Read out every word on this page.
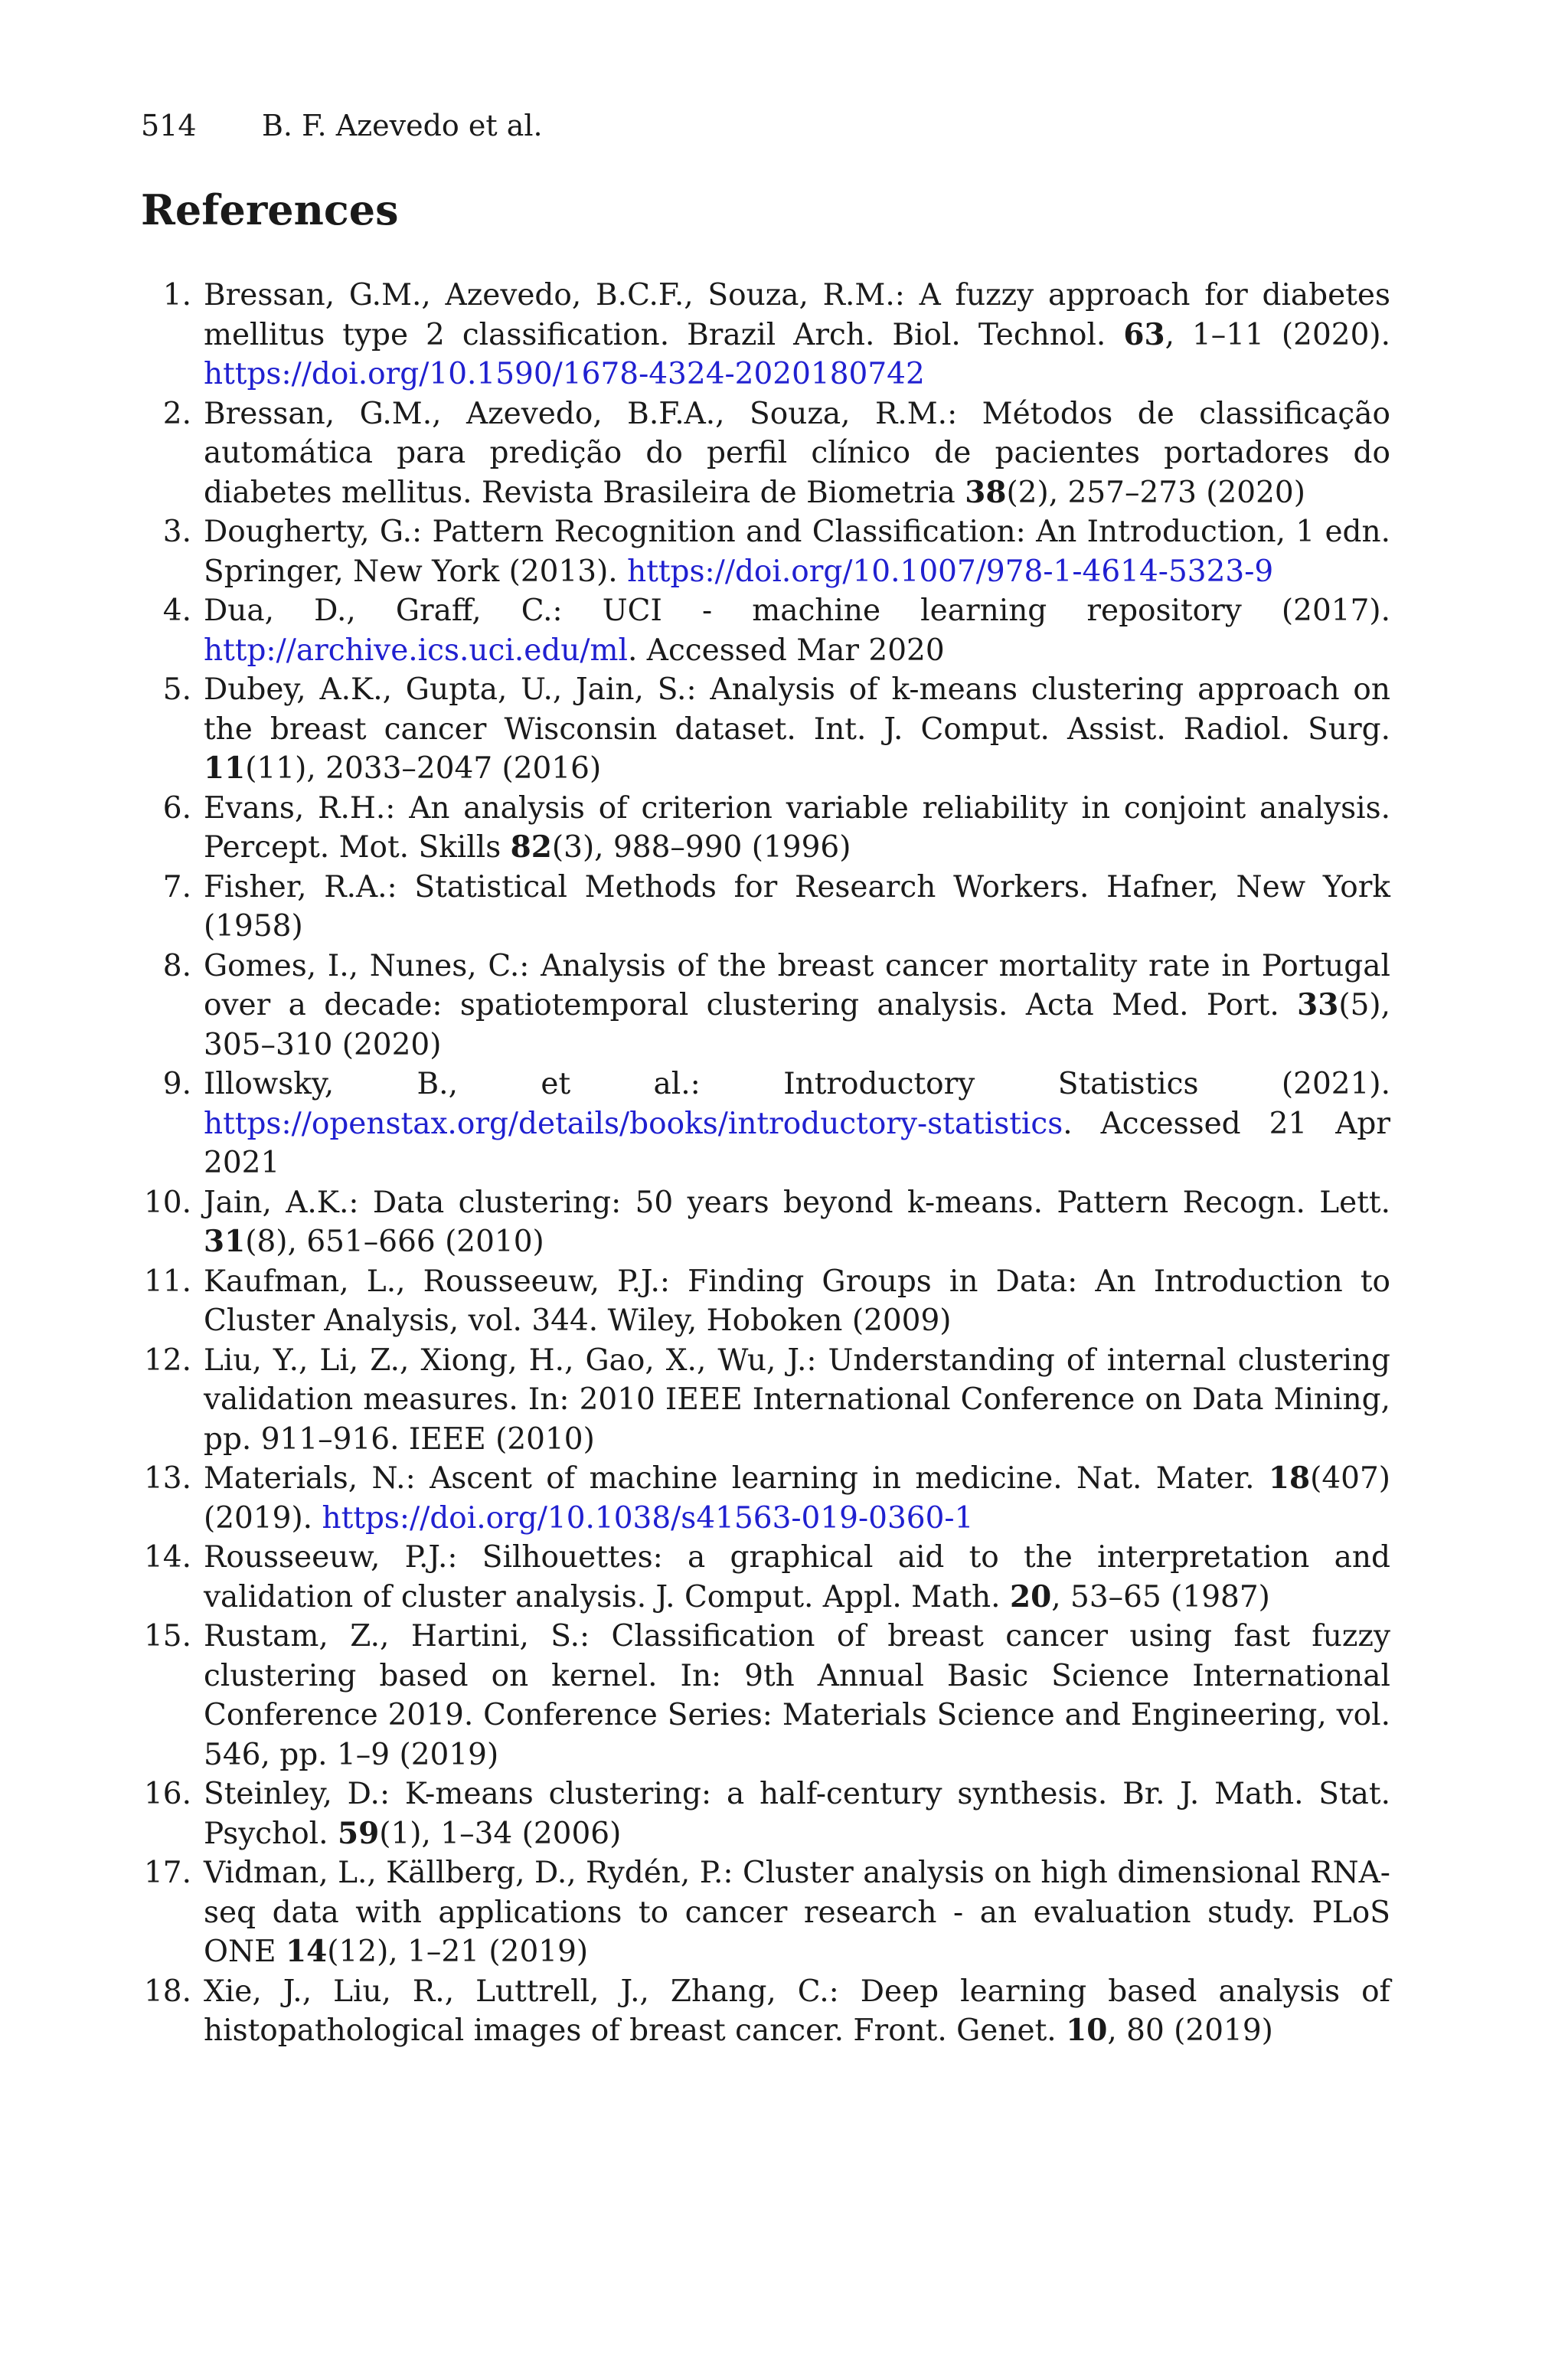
514 B. F. Azevedo et al.
References
1. Bressan, G.M., Azevedo, B.C.F., Souza, R.M.: A fuzzy approach for diabetes mellitus type 2 classification. Brazil Arch. Biol. Technol. 63, 1–11 (2020). https://doi.org/10.1590/1678-4324-2020180742
2. Bressan, G.M., Azevedo, B.F.A., Souza, R.M.: Métodos de classificação automática para predição do perfil clínico de pacientes portadores do diabetes mellitus. Revista Brasileira de Biometria 38(2), 257–273 (2020)
3. Dougherty, G.: Pattern Recognition and Classification: An Introduction, 1 edn. Springer, New York (2013). https://doi.org/10.1007/978-1-4614-5323-9
4. Dua, D., Graff, C.: UCI - machine learning repository (2017). http://archive.ics.uci.edu/ml. Accessed Mar 2020
5. Dubey, A.K., Gupta, U., Jain, S.: Analysis of k-means clustering approach on the breast cancer Wisconsin dataset. Int. J. Comput. Assist. Radiol. Surg. 11(11), 2033–2047 (2016)
6. Evans, R.H.: An analysis of criterion variable reliability in conjoint analysis. Percept. Mot. Skills 82(3), 988–990 (1996)
7. Fisher, R.A.: Statistical Methods for Research Workers. Hafner, New York (1958)
8. Gomes, I., Nunes, C.: Analysis of the breast cancer mortality rate in Portugal over a decade: spatiotemporal clustering analysis. Acta Med. Port. 33(5), 305–310 (2020)
9. Illowsky, B., et al.: Introductory Statistics (2021). https://openstax.org/details/books/introductory-statistics. Accessed 21 Apr 2021
10. Jain, A.K.: Data clustering: 50 years beyond k-means. Pattern Recogn. Lett. 31(8), 651–666 (2010)
11. Kaufman, L., Rousseeuw, P.J.: Finding Groups in Data: An Introduction to Cluster Analysis, vol. 344. Wiley, Hoboken (2009)
12. Liu, Y., Li, Z., Xiong, H., Gao, X., Wu, J.: Understanding of internal clustering validation measures. In: 2010 IEEE International Conference on Data Mining, pp. 911–916. IEEE (2010)
13. Materials, N.: Ascent of machine learning in medicine. Nat. Mater. 18(407) (2019). https://doi.org/10.1038/s41563-019-0360-1
14. Rousseeuw, P.J.: Silhouettes: a graphical aid to the interpretation and validation of cluster analysis. J. Comput. Appl. Math. 20, 53–65 (1987)
15. Rustam, Z., Hartini, S.: Classification of breast cancer using fast fuzzy clustering based on kernel. In: 9th Annual Basic Science International Conference 2019. Conference Series: Materials Science and Engineering, vol. 546, pp. 1–9 (2019)
16. Steinley, D.: K-means clustering: a half-century synthesis. Br. J. Math. Stat. Psychol. 59(1), 1–34 (2006)
17. Vidman, L., Källberg, D., Rydén, P.: Cluster analysis on high dimensional RNA-seq data with applications to cancer research - an evaluation study. PLoS ONE 14(12), 1–21 (2019)
18. Xie, J., Liu, R., Luttrell, J., Zhang, C.: Deep learning based analysis of histopathological images of breast cancer. Front. Genet. 10, 80 (2019)
